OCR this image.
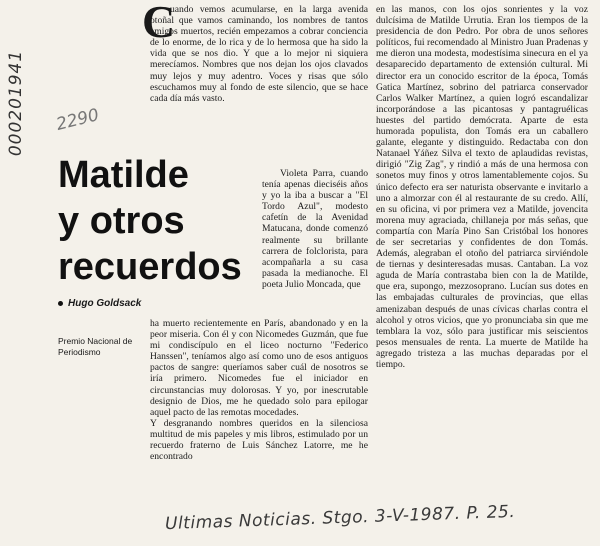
000201941 2290
Matilde
y otros
recuerdos
Hugo Goldsack
Premio Nacional de Periodismo
C
uando vemos acumularse, en la larga avenida otoñal que vamos caminando, los nombres de tantos amigos muertos, recién empezamos a cobrar conciencia de lo enorme, de lo rica y de lo hermosa que ha sido la vida que se nos dio. Y que a lo mejor ni siquiera merecíamos. Nombres que nos dejan los ojos clavados muy lejos y muy adentro. Voces y risas que sólo escuchamos muy al fondo de este silencio, que se hace cada día más vasto.
Violeta Parra, cuando tenía apenas dieciséis años y yo la iba a buscar a "El Tordo Azul", modesto cafetín de la Avenidad Matucana, donde comenzó realmente su brillante carrera de folclorista, para acompañarla a su casa pasada la medianoche. El poeta Julio Moncada, que
ha muerto recientemente en París, abandonado y en la peor miseria. Con él y con Nicomedes Guzmán, que fue mi condiscípulo en el liceo nocturno "Federico Hanssen", teníamos algo así como uno de esos antiguos pactos de sangre: queríamos saber cuál de nosotros se iría primero. Nicomedes fue el iniciador en circunstancias muy dolorosas. Y yo, por inescrutable designio de Dios, me he quedado solo para epilogar aquel pacto de las remotas mocedades.
Y desgranando nombres queridos en la silenciosa multitud de mis papeles y mis libros, estimulado por un recuerdo fraterno de Luis Sánchez Latorre, me he encontrado
en las manos, con los ojos sonrientes y la voz dulcísima de Matilde Urrutia. Eran los tiempos de la presidencia de don Pedro. Por obra de unos señores políticos, fui recomendado al Ministro Juan Pradenas y me dieron una modesta, modestísima sinecura en el ya desaparecido departamento de extensión cultural. Mi director era un conocido escritor de la época, Tomás Gatica Martínez, sobrino del patriarca conservador Carlos Walker Martínez, a quien logró escandalizar incorporándose a las picantosas y pantagruélicas huestes del partido demócrata. Aparte de esta humorada populista, don Tomás era un caballero galante, elegante y distinguido. Redactaba con don Natanael Yáñez Silva el texto de aplaudidas revistas, dirigió "Zig Zag", y rindió a más de una hermosa con sonetos muy finos y otros lamentablemente cojos. Su único defecto era ser naturista observante e invitarlo a uno a almorzar con él al restaurante de su credo. Allí, en su oficina, vi por primera vez a Matilde, jovencita morena muy agraciada, chillaneja por más señas, que compartía con María Pino San Cristóbal los honores de ser secretarias y confidentes de don Tomás. Además, alegraban el otoño del patriarca sirviéndole de tiernas y desinteresadas musas. Cantaban. La voz aguda de María contrastaba bien con la de Matilde, que era, supongo, mezzosoprano. Lucían sus dotes en las embajadas culturales de provincias, que ellas amenizaban después de unas cívicas charlas contra el alcohol y otros vicios, que yo pronunciaba sin que me temblara la voz, sólo para justificar mis seiscientos pesos mensuales de renta. La muerte de Matilde ha agregado tristeza a las muchas deparadas por el tiempo.
Ultimas Noticias. Stgo. 3-V-1987. P. 25.
